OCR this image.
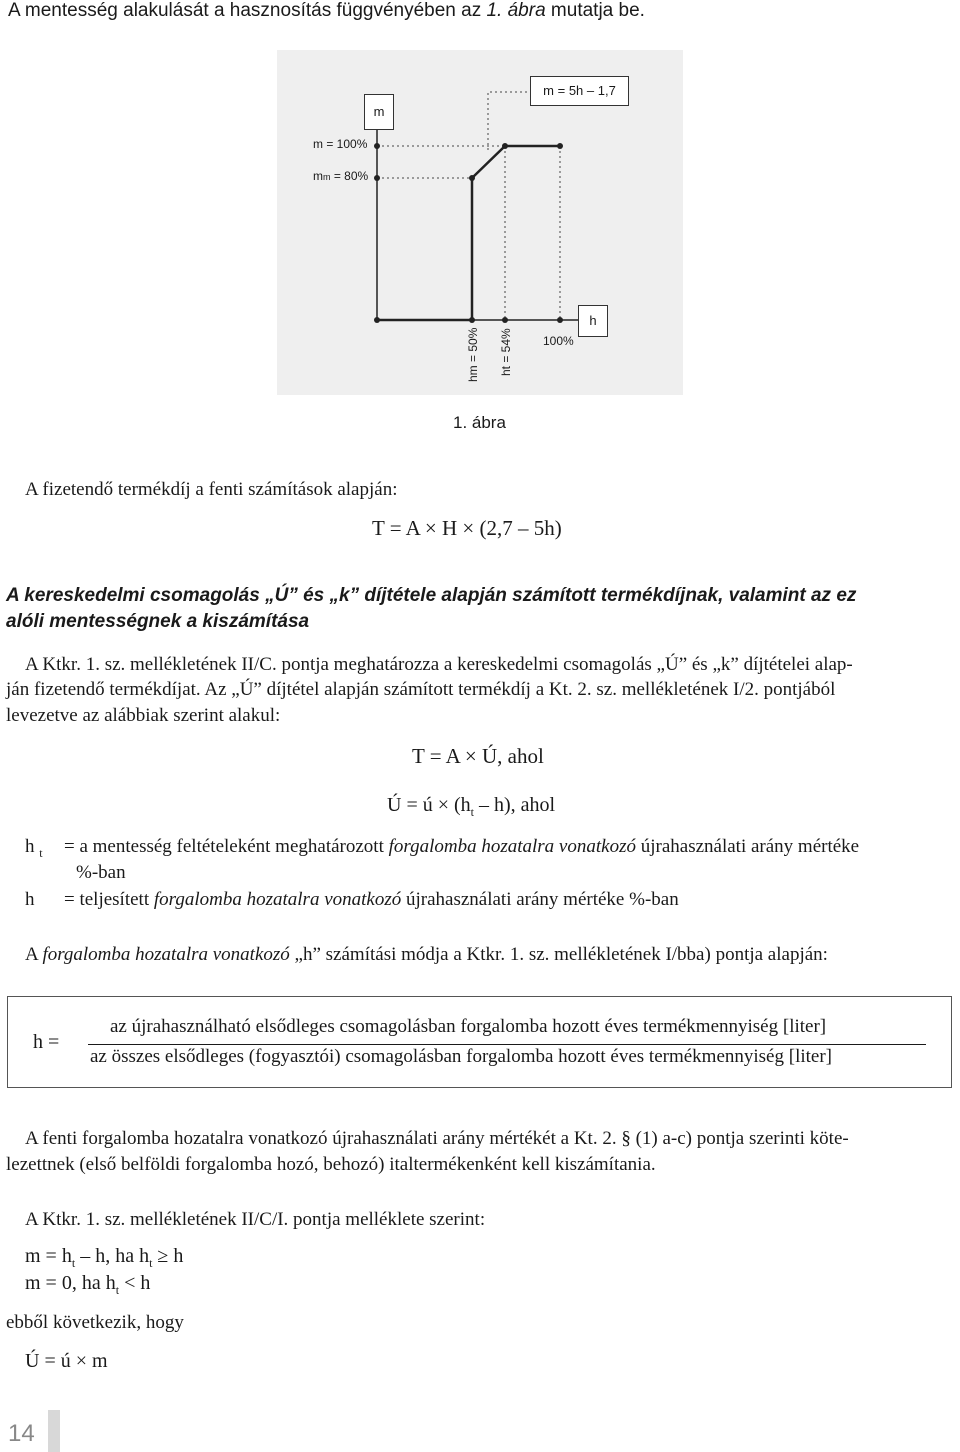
A mentesség alakulását a hasznosítás függvényében az 1. ábra mutatja be.
m
m = 5h – 1,7
h
m = 100%
mm = 80%
hm = 50% ht = 54%	100%
1. ábra
A fizetendő termékdíj a fenti számítások alapján:
T = A × H × (2,7 – 5h)
A kereskedelmi csomagolás „Ú” és „k” díjtétele alapján számított termékdíjnak, valamint az ez
alóli mentességnek a kiszámítása
A Ktkr. 1. sz. mellékletének II/C. pontja meghatározza a kereskedelmi csomagolás „Ú” és „k” díjtételei alap-
ján fizetendő termékdíjat. Az „Ú” díjtétel alapján számított termékdíj a Kt. 2. sz. mellékletének I/2. pontjából
levezetve az alábbiak szerint alakul:
T = A × Ú, ahol
Ú = ú × $(h_t - h)$, ahol
h $_t$ = a mentesség feltételeként meghatározott forgalomba hozatalra vonatkozó újrahasználati arány mértéke
%-ban
h = teljesített forgalomba hozatalra vonatkozó újrahasználati arány mértéke %-ban
A forgalomba hozatalra vonatkozó „h” számítási módja a Ktkr. 1. sz. mellékletének I/bba) pontja alapján:
h =
az újrahasználható elsődleges csomagolásban forgalomba hozott éves termékmennyiség [liter]
az összes elsődleges (fogyasztói) csomagolásban forgalomba hozott éves termékmennyiség [liter]
A fenti forgalomba hozatalra vonatkozó újrahasználati arány mértékét a Kt. 2. § (1) a-c) pontja szerinti köte-
lezettnek (első belföldi forgalomba hozó, behozó) italtermékenként kell kiszámítania.
A Ktkr. 1. sz. mellékletének II/C/I. pontja melléklete szerint:
$m = h_t - h$, ha $h_t \ge h$
m = 0, ha $h_t < h$
ebből következik, hogy
Ú = ú × m
14
